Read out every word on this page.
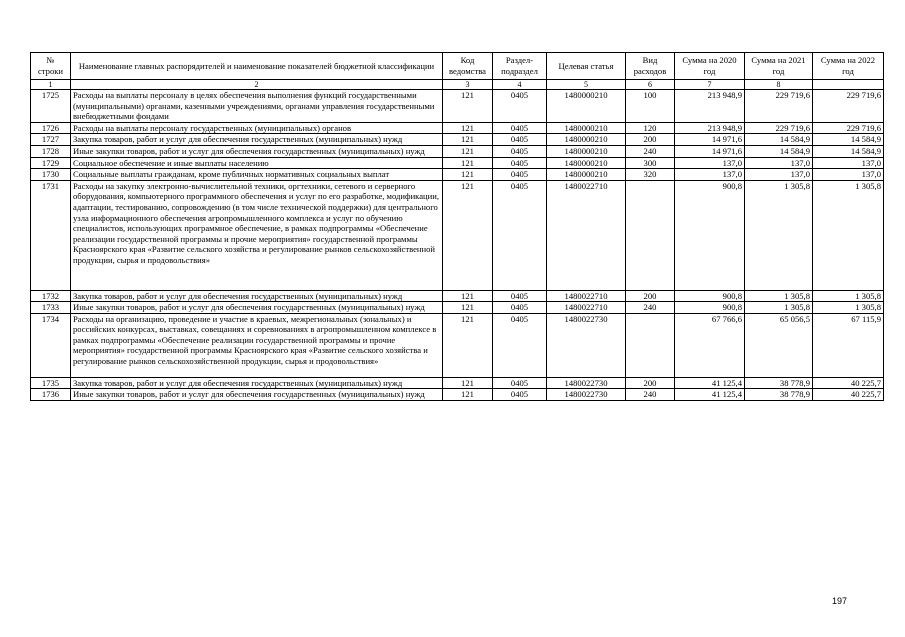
№ строки	Наименование главных распорядителей и наименование показателей бюджетной классификации	Код ведомства	Раздел-подраздел	Целевая статья	Вид расходов	Сумма на 2020 год	Сумма на 2021 год	Сумма на 2022 год
1	2	3	4	5	6	7	8	
1725	Расходы на выплаты персоналу в целях обеспечения выполнения функций государственными (муниципальными) органами, казенными учреждениями, органами управления государственными внебюджетными фондами	121	0405	1480000210	100	213 948,9	229 719,6	229 719,6
1726	Расходы на выплаты персоналу государственных (муниципальных) органов	121	0405	1480000210	120	213 948,9	229 719,6	229 719,6
1727	Закупка товаров, работ и услуг для обеспечения государственных (муниципальных) нужд	121	0405	1480000210	200	14 971,6	14 584,9	14 584,9
1728	Иные закупки товаров, работ и услуг для обеспечения государственных (муниципальных) нужд	121	0405	1480000210	240	14 971,6	14 584,9	14 584,9
1729	Социальное обеспечение и иные выплаты населению	121	0405	1480000210	300	137,0	137,0	137,0
1730	Социальные выплаты гражданам, кроме публичных нормативных социальных выплат	121	0405	1480000210	320	137,0	137,0	137,0
1731	Расходы на закупку электронно-вычислительной техники, оргтехники, сетевого и серверного оборудования, компьютерного программного обеспечения и услуг по его разработке, модификации, адаптации, тестированию, сопровождению (в том числе технической поддержки) для центрального узла информационного обеспечения агропромышленного комплекса и услуг по обучению специалистов, использующих программное обеспечение, в рамках подпрограммы «Обеспечение реализации государственной программы и прочие мероприятия» государственной программы Красноярского края «Развитие сельского хозяйства и регулирование рынков сельскохозяйственной продукции, сырья и продовольствия»	121	0405	1480022710		900,8	1 305,8	1 305,8
1732	Закупка товаров, работ и услуг для обеспечения государственных (муниципальных) нужд	121	0405	1480022710	200	900,8	1 305,8	1 305,8
1733	Иные закупки товаров, работ и услуг для обеспечения государственных (муниципальных) нужд	121	0405	1480022710	240	900,8	1 305,8	1 305,8
1734	Расходы на организацию, проведение и участие в краевых, межрегиональных (зональных) и российских конкурсах, выставках, совещаниях и соревнованиях в агропромышленном комплексе в рамках подпрограммы «Обеспечение реализации государственной программы и прочие мероприятия» государственной программы Красноярского края «Развитие сельского хозяйства и регулирование рынков сельскохозяйственной продукции, сырья и продовольствия»	121	0405	1480022730		67 766,6	65 056,5	67 115,9
1735	Закупка товаров, работ и услуг для обеспечения государственных (муниципальных) нужд	121	0405	1480022730	200	41 125,4	38 778,9	40 225,7
1736	Иные закупки товаров, работ и услуг для обеспечения государственных (муниципальных) нужд	121	0405	1480022730	240	41 125,4	38 778,9	40 225,7
197
